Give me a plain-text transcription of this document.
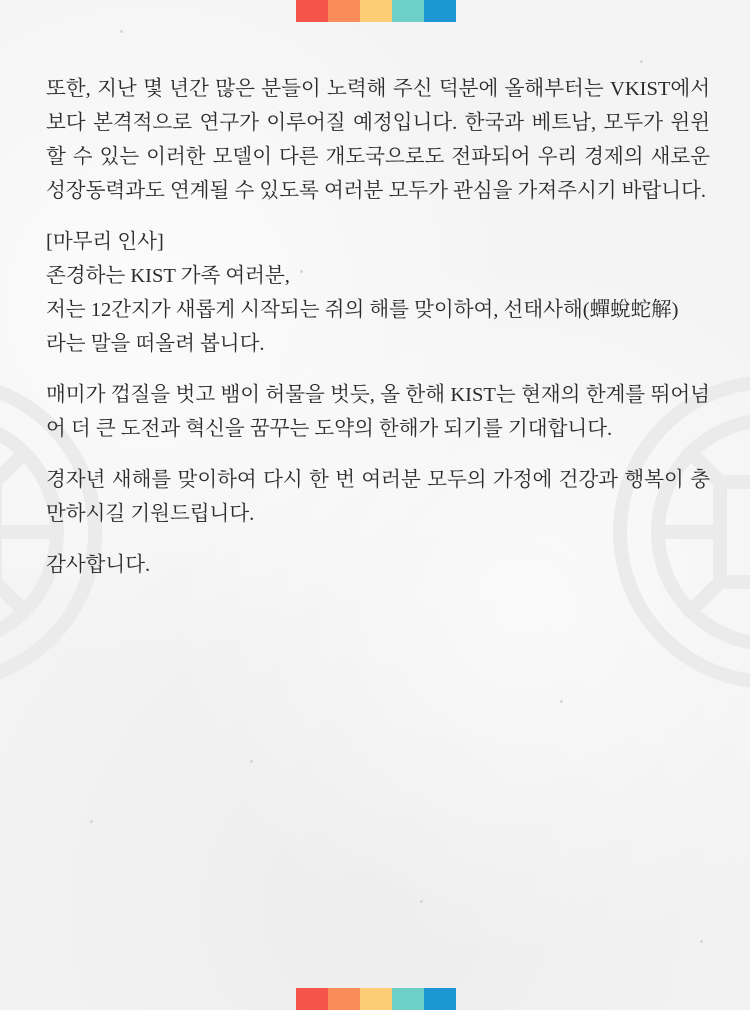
또한, 지난 몇 년간 많은 분들이 노력해 주신 덕분에 올해부터는 VKIST에서 보다 본격적으로 연구가 이루어질 예정입니다. 한국과 베트남, 모두가 윈윈할 수 있는 이러한 모델이 다른 개도국으로도 전파되어 우리 경제의 새로운 성장동력과도 연계될 수 있도록 여러분 모두가 관심을 가져주시기 바랍니다.

[마무리 인사]

존경하는 KIST 가족 여러분,

저는 12간지가 새롭게 시작되는 쥐의 해를 맞이하여, 선태사해(蟬蛻蛇解)

라는 말을 떠올려 봅니다.

매미가 껍질을 벗고 뱀이 허물을 벗듯, 올 한해 KIST는 현재의 한계를 뛰어넘어 더 큰 도전과 혁신을 꿈꾸는 도약의 한해가 되기를 기대합니다.

경자년 새해를 맞이하여 다시 한 번 여러분 모두의 가정에 건강과 행복이 충만하시길 기원드립니다.

감사합니다.
